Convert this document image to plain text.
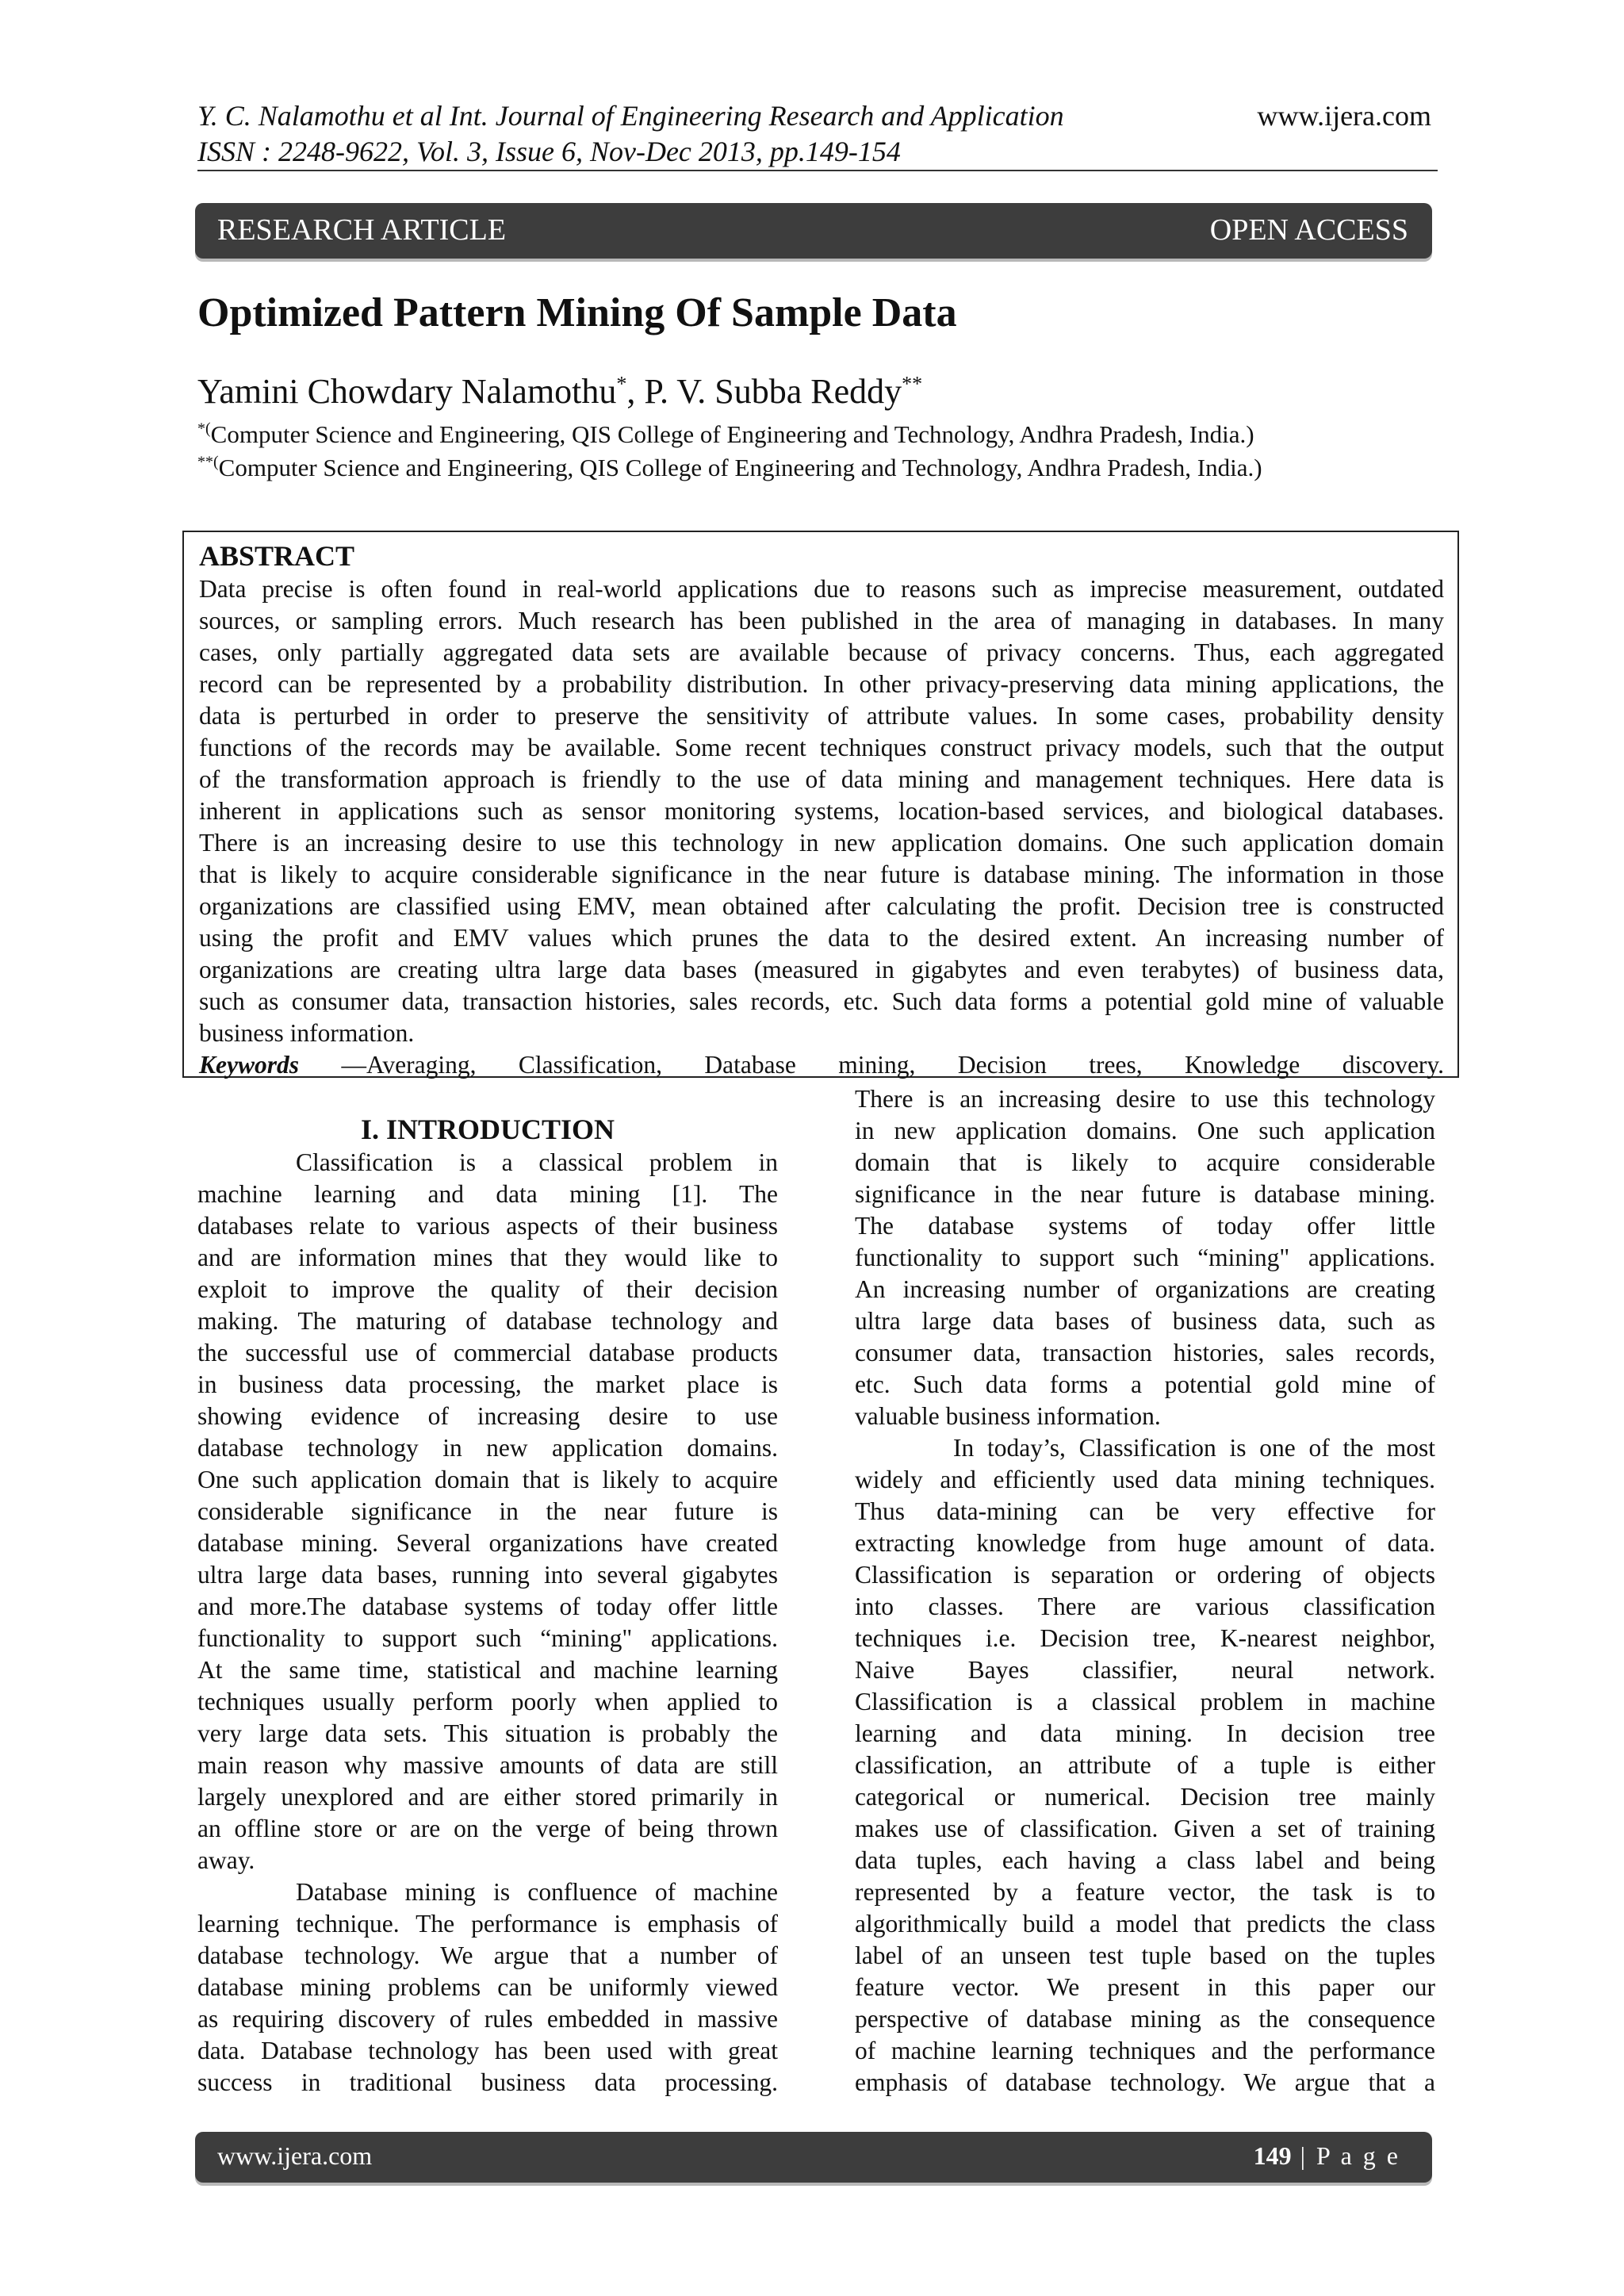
Y. C. Nalamothu et al Int. Journal of Engineering Research and Application
ISSN : 2248-9622, Vol. 3, Issue 6, Nov-Dec 2013, pp.149-154
www.ijera.com
RESEARCH ARTICLE	OPEN ACCESS
Optimized Pattern Mining Of Sample Data
Yamini Chowdary Nalamothu*, P. V. Subba Reddy**
*(Computer Science and Engineering, QIS College of Engineering and Technology, Andhra Pradesh, India.)
**(Computer Science and Engineering, QIS College of Engineering and Technology, Andhra Pradesh, India.)
ABSTRACT
Data precise is often found in real-world applications due to reasons such as imprecise measurement, outdated
sources, or sampling errors. Much research has been published in the area of managing in databases. In many
cases, only partially aggregated data sets are available because of privacy concerns. Thus, each aggregated
record can be represented by a probability distribution. In other privacy-preserving data mining applications, the
data is perturbed in order to preserve the sensitivity of attribute values. In some cases, probability density
functions of the records may be available. Some recent techniques construct privacy models, such that the output
of the transformation approach is friendly to the use of data mining and management techniques. Here data is
inherent in applications such as sensor monitoring systems, location-based services, and biological databases.
There is an increasing desire to use this technology in new application domains. One such application domain
that is likely to acquire considerable significance in the near future is database mining. The information in those
organizations are classified using EMV, mean obtained after calculating the profit. Decision tree is constructed
using the profit and EMV values which prunes the data to the desired extent. An increasing number of
organizations are creating ultra large data bases (measured in gigabytes and even terabytes) of business data,
such as consumer data, transaction histories, sales records, etc. Such data forms a potential gold mine of valuable
business information.
Keywords —Averaging, Classification, Database mining, Decision trees, Knowledge discovery.
I. INTRODUCTION
Classification is a classical problem in
machine learning and data mining [1]. The
databases relate to various aspects of their business
and are information mines that they would like to
exploit to improve the quality of their decision
making. The maturing of database technology and
the successful use of commercial database products
in business data processing, the market place is
showing evidence of increasing desire to use
database technology in new application domains.
One such application domain that is likely to acquire
considerable significance in the near future is
database mining. Several organizations have created
ultra large data bases, running into several gigabytes
and more.The database systems of today offer little
functionality to support such “mining" applications.
At the same time, statistical and machine learning
techniques usually perform poorly when applied to
very large data sets. This situation is probably the
main reason why massive amounts of data are still
largely unexplored and are either stored primarily in
an offline store or are on the verge of being thrown
away.
Database mining is confluence of machine
learning technique. The performance is emphasis of
database technology. We argue that a number of
database mining problems can be uniformly viewed
as requiring discovery of rules embedded in massive
data. Database technology has been used with great
success in traditional business data processing.
There is an increasing desire to use this technology
in new application domains. One such application
domain that is likely to acquire considerable
significance in the near future is database mining.
The database systems of today offer little
functionality to support such “mining" applications.
An increasing number of organizations are creating
ultra large data bases of business data, such as
consumer data, transaction histories, sales records,
etc. Such data forms a potential gold mine of
valuable business information.
In today’s, Classification is one of the most
widely and efficiently used data mining techniques.
Thus data-mining can be very effective for
extracting knowledge from huge amount of data.
Classification is separation or ordering of objects
into classes. There are various classification
techniques i.e. Decision tree, K-nearest neighbor,
Naive Bayes classifier, neural network.
Classification is a classical problem in machine
learning and data mining. In decision tree
classification, an attribute of a tuple is either
categorical or numerical. Decision tree mainly
makes use of classification. Given a set of training
data tuples, each having a class label and being
represented by a feature vector, the task is to
algorithmically build a model that predicts the class
label of an unseen test tuple based on the tuples
feature vector. We present in this paper our
perspective of database mining as the consequence
of machine learning techniques and the performance
emphasis of database technology. We argue that a
www.ijera.com	149 | P a g e
